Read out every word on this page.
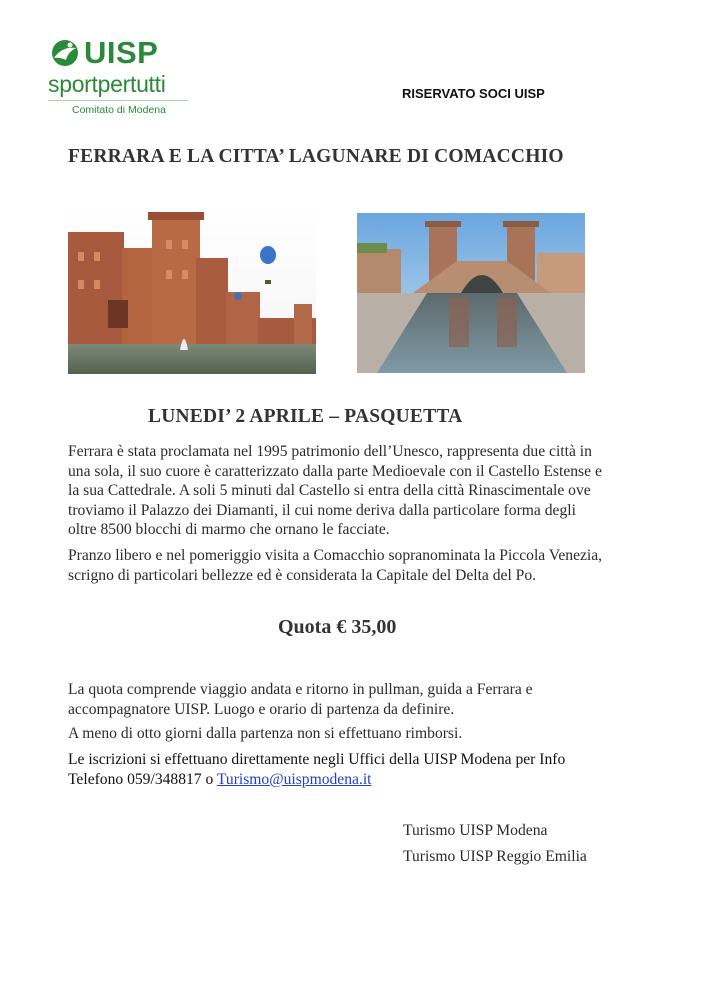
UISP
sportpertutti
Comitato di Modena
RISERVATO SOCI UISP
FERRARA E LA CITTA’ LAGUNARE DI COMACCHIO
LUNEDI’ 2 APRILE – PASQUETTA
Ferrara è stata proclamata nel 1995 patrimonio dell’Unesco, rappresenta due città in
una sola, il suo cuore è caratterizzato dalla parte Medioevale con il Castello Estense e
la sua Cattedrale. A soli 5 minuti dal Castello si entra della città Rinascimentale ove
troviamo il Palazzo dei Diamanti, il cui nome deriva dalla particolare forma degli
oltre 8500 blocchi di marmo che ornano le facciate.
Pranzo libero e nel pomeriggio visita a Comacchio sopranominata la Piccola Venezia,
scrigno di particolari bellezze ed è considerata la Capitale del Delta del Po.
Quota € 35,00
La quota comprende viaggio andata e ritorno in pullman, guida a Ferrara e
accompagnatore UISP. Luogo e orario di partenza da definire.
A meno di otto giorni dalla partenza non si effettuano rimborsi.
Le iscrizioni si effettuano direttamente negli Uffici della UISP Modena per Info
Telefono 059/348817 o Turismo@uispmodena.it
Turismo UISP Modena
Turismo UISP Reggio Emilia
